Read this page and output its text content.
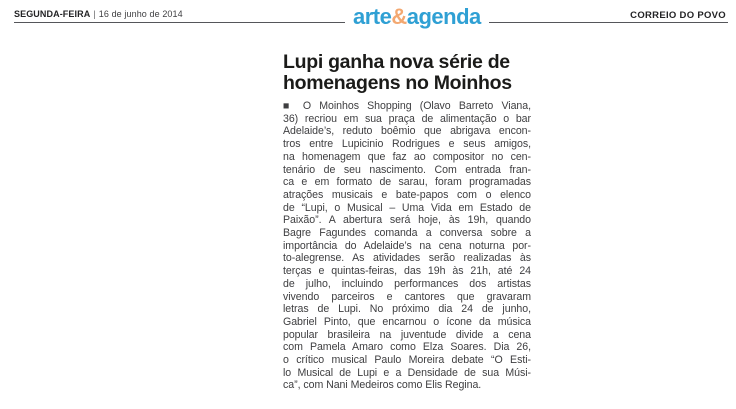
SEGUNDA-FEIRA | 16 de junho de 2014	arte&agenda	CORREIO DO POVO
Lupi ganha nova série de
homenagens no Moinhos
■ O Moinhos Shopping (Olavo Barreto Viana,
36) recriou em sua praça de alimentação o bar
Adelaide’s, reduto boêmio que abrigava encon-
tros entre Lupicinio Rodrigues e seus amigos,
na homenagem que faz ao compositor no cen-
tenário de seu nascimento. Com entrada fran-
ca e em formato de sarau, foram programadas
atrações musicais e bate-papos com o elenco
de “Lupi, o Musical – Uma Vida em Estado de
Paixão”. A abertura será hoje, às 19h, quando
Bagre Fagundes comanda a conversa sobre a
importância do Adelaide’s na cena noturna por-
to-alegrense. As atividades serão realizadas às
terças e quintas-feiras, das 19h às 21h, até 24
de julho, incluindo performances dos artistas
vivendo parceiros e cantores que gravaram
letras de Lupi. No próximo dia 24 de junho,
Gabriel Pinto, que encarnou o ícone da música
popular brasileira na juventude divide a cena
com Pamela Amaro como Elza Soares. Dia 26,
o crítico musical Paulo Moreira debate “O Esti-
lo Musical de Lupi e a Densidade de sua Músi-
ca”, com Nani Medeiros como Elis Regina.
